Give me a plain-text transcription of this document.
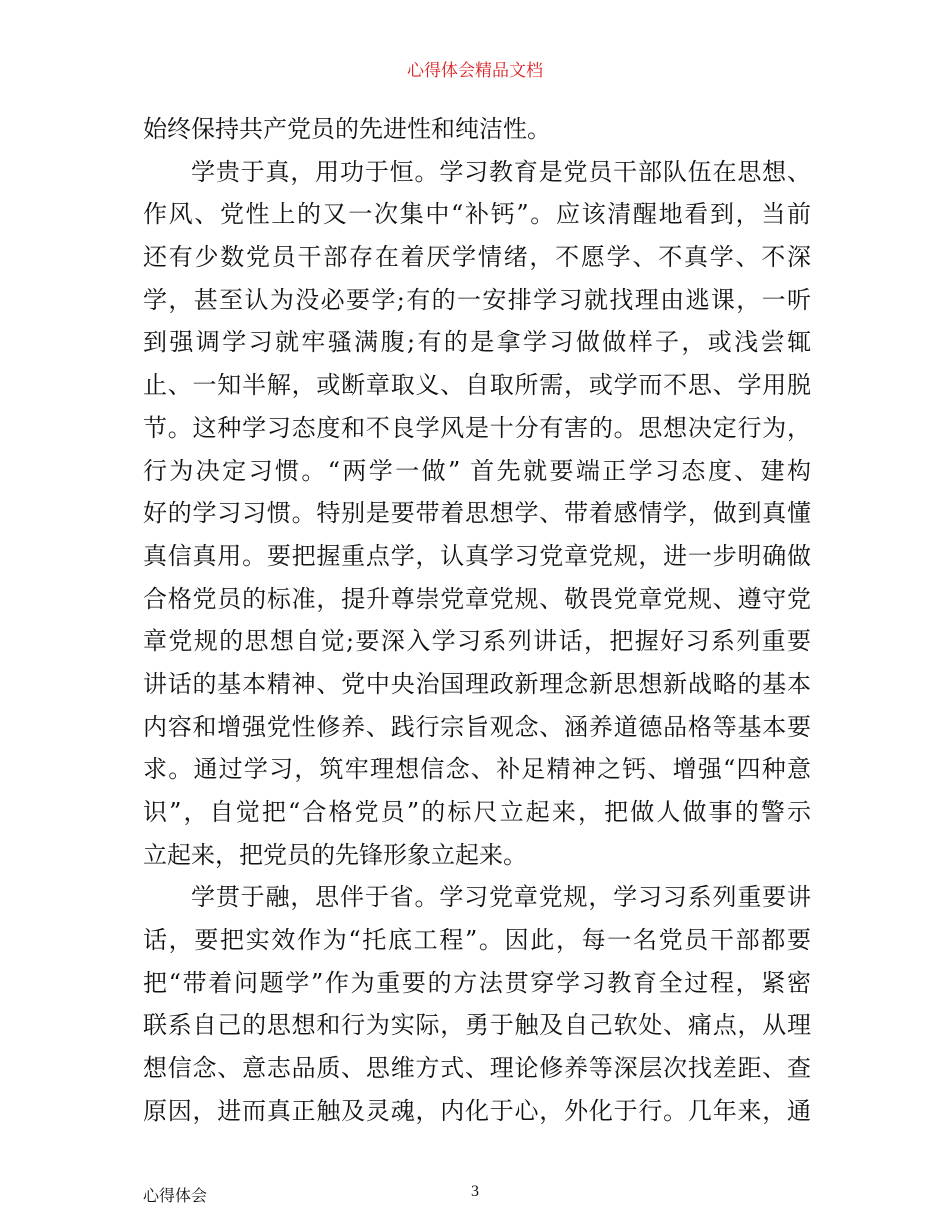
心得体会精品文档
始终保持共产党员的先进性和纯洁性。
学贵于真，用功于恒。学习教育是党员干部队伍在思想、
作风、党性上的又一次集中“补钙”。应该清醒地看到，当前
还有少数党员干部存在着厌学情绪，不愿学、不真学、不深
学，甚至认为没必要学;有的一安排学习就找理由逃课，一听
到强调学习就牢骚满腹;有的是拿学习做做样子，或浅尝辄
止、一知半解，或断章取义、自取所需，或学而不思、学用脱
节。这种学习态度和不良学风是十分有害的。思想决定行为，
行为决定习惯。“两学一做” 首先就要端正学习态度、建构
好的学习习惯。特别是要带着思想学、带着感情学，做到真懂
真信真用。要把握重点学，认真学习党章党规，进一步明确做
合格党员的标准，提升尊崇党章党规、敬畏党章党规、遵守党
章党规的思想自觉;要深入学习系列讲话，把握好习系列重要
讲话的基本精神、党中央治国理政新理念新思想新战略的基本
内容和增强党性修养、践行宗旨观念、涵养道德品格等基本要
求。通过学习，筑牢理想信念、补足精神之钙、增强“四种意
识”，自觉把“合格党员”的标尺立起来，把做人做事的警示
立起来，把党员的先锋形象立起来。
学贯于融，思伴于省。学习党章党规，学习习系列重要讲
话，要把实效作为“托底工程”。因此，每一名党员干部都要
把“带着问题学”作为重要的方法贯穿学习教育全过程，紧密
联系自己的思想和行为实际，勇于触及自己软处、痛点，从理
想信念、意志品质、思维方式、理论修养等深层次找差距、查
原因，进而真正触及灵魂，内化于心，外化于行。几年来，通
心得体会	3
